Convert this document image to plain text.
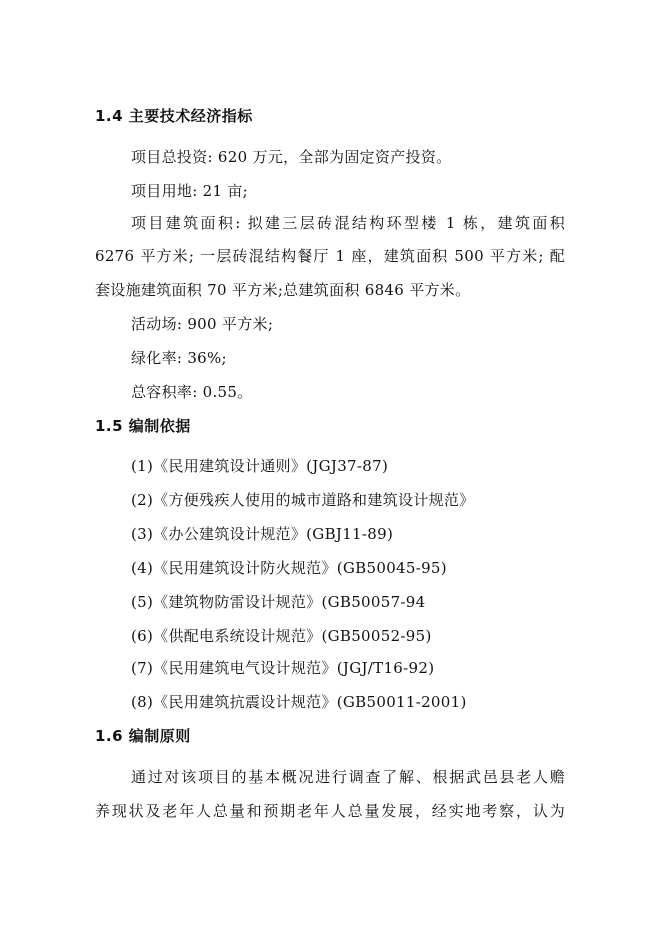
1.4 主要技术经济指标
项目总投资: 620 万元，全部为固定资产投资。
项目用地: 21 亩;
项目建筑面积: 拟建三层砖混结构环型楼 1 栋，建筑面积
6276 平方米; 一层砖混结构餐厅 1 座，建筑面积 500 平方米; 配
套设施建筑面积 70 平方米;总建筑面积 6846 平方米。
活动场: 900 平方米;
绿化率: 36%;
总容积率: 0.55。
1.5 编制依据
(1)《民用建筑设计通则》(JGJ37-87)
(2)《方便残疾人使用的城市道路和建筑设计规范》
(3)《办公建筑设计规范》(GBJ11-89)
(4)《民用建筑设计防火规范》(GB50045-95)
(5)《建筑物防雷设计规范》(GB50057-94
(6)《供配电系统设计规范》(GB50052-95)
(7)《民用建筑电气设计规范》(JGJ/T16-92)
(8)《民用建筑抗震设计规范》(GB50011-2001)
1.6 编制原则
通过对该项目的基本概况进行调查了解、根据武邑县老人赡
养现状及老年人总量和预期老年人总量发展，经实地考察，认为
